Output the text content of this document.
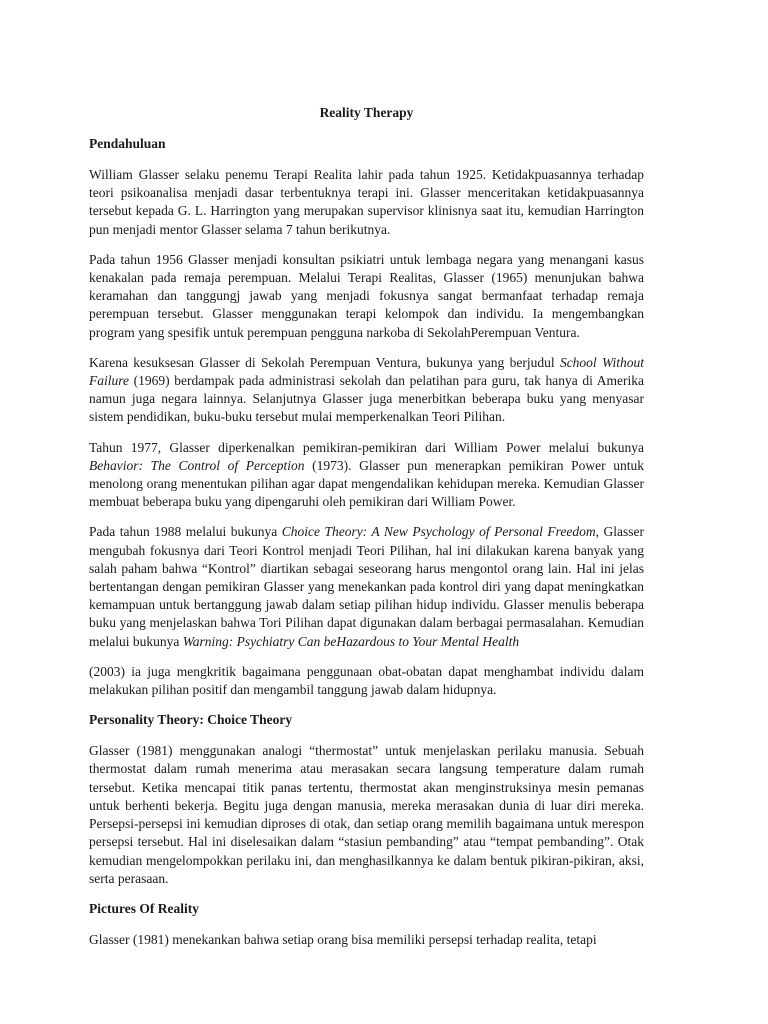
Reality Therapy
Pendahuluan

William Glasser selaku penemu Terapi Realita lahir pada tahun 1925. Ketidakpuasannya terhadap teori psikoanalisa menjadi dasar terbentuknya terapi ini. Glasser menceritakan ketidakpuasannya tersebut kepada G. L. Harrington yang merupakan supervisor klinisnya saat itu, kemudian Harrington pun menjadi mentor Glasser selama 7 tahun berikutnya.

Pada tahun 1956 Glasser menjadi konsultan psikiatri untuk lembaga negara yang menangani kasus kenakalan pada remaja perempuan. Melalui Terapi Realitas, Glasser (1965) menunjukan bahwa keramahan dan tanggungj jawab yang menjadi fokusnya sangat bermanfaat terhadap remaja perempuan tersebut. Glasser menggunakan terapi kelompok dan individu. Ia mengembangkan program yang spesifik untuk perempuan pengguna narkoba di SekolahPerempuan Ventura.

Karena kesuksesan Glasser di Sekolah Perempuan Ventura, bukunya yang berjudul School Without Failure (1969) berdampak pada administrasi sekolah dan pelatihan para guru, tak hanya di Amerika namun juga negara lainnya. Selanjutnya Glasser juga menerbitkan beberapa buku yang menyasar sistem pendidikan, buku-buku tersebut mulai memperkenalkan Teori Pilihan.

Tahun 1977, Glasser diperkenalkan pemikiran-pemikiran dari William Power melalui bukunya Behavior: The Control of Perception (1973). Glasser pun menerapkan pemikiran Power untuk menolong orang menentukan pilihan agar dapat mengendalikan kehidupan mereka. Kemudian Glasser membuat beberapa buku yang dipengaruhi oleh pemikiran dari William Power.

Pada tahun 1988 melalui bukunya Choice Theory: A New Psychology of Personal Freedom, Glasser mengubah fokusnya dari Teori Kontrol menjadi Teori Pilihan, hal ini dilakukan karena banyak yang salah paham bahwa “Kontrol” diartikan sebagai seseorang harus mengontol orang lain. Hal ini jelas bertentangan dengan pemikiran Glasser yang menekankan pada kontrol diri yang dapat meningkatkan kemampuan untuk bertanggung jawab dalam setiap pilihan hidup individu. Glasser menulis beberapa buku yang menjelaskan bahwa Tori Pilihan dapat digunakan dalam berbagai permasalahan. Kemudian melalui bukunya Warning: Psychiatry Can beHazardous to Your Mental Health

(2003) ia juga mengkritik bagaimana penggunaan obat-obatan dapat menghambat individu dalam melakukan pilihan positif dan mengambil tanggung jawab dalam hidupnya.

Personality Theory: Choice Theory

Glasser (1981) menggunakan analogi “thermostat” untuk menjelaskan perilaku manusia. Sebuah thermostat dalam rumah menerima atau merasakan secara langsung temperature dalam rumah tersebut. Ketika mencapai titik panas tertentu, thermostat akan menginstruksinya mesin pemanas untuk berhenti bekerja. Begitu juga dengan manusia, mereka merasakan dunia di luar diri mereka. Persepsi-persepsi ini kemudian diproses di otak, dan setiap orang memilih bagaimana untuk merespon persepsi tersebut. Hal ini diselesaikan dalam “stasiun pembanding” atau “tempat pembanding”. Otak kemudian mengelompokkan perilaku ini, dan menghasilkannya ke dalam bentuk pikiran-pikiran, aksi, serta perasaan.

Pictures Of Reality

Glasser (1981) menekankan bahwa setiap orang bisa memiliki persepsi terhadap realita, tetapi
